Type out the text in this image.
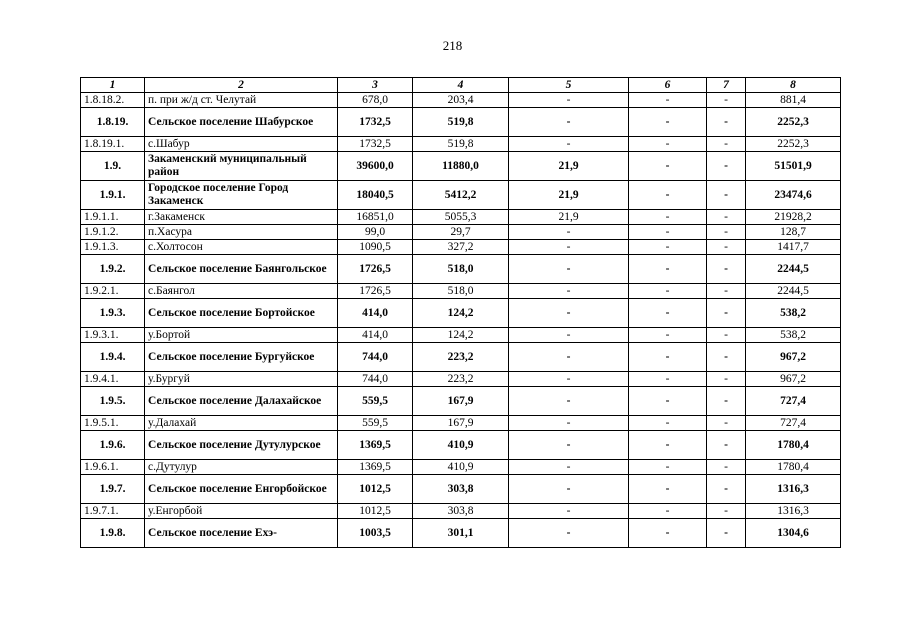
218
1	2	3	4	5	6	7	8
1.8.18.2.	п. при ж/д ст. Челутай	678,0	203,4	-	-	-	881,4
1.8.19.	Сельское поселение Шабурское	1732,5	519,8	-	-	-	2252,3
1.8.19.1.	с.Шабур	1732,5	519,8	-	-	-	2252,3
1.9.	Закаменский муниципальный район	39600,0	11880,0	21,9	-	-	51501,9
1.9.1.	Городское поселение Город Закаменск	18040,5	5412,2	21,9	-	-	23474,6
1.9.1.1.	г.Закаменск	16851,0	5055,3	21,9	-	-	21928,2
1.9.1.2.	п.Хасура	99,0	29,7	-	-	-	128,7
1.9.1.3.	с.Холтосон	1090,5	327,2	-	-	-	1417,7
1.9.2.	Сельское поселение Баянгольское	1726,5	518,0	-	-	-	2244,5
1.9.2.1.	с.Баянгол	1726,5	518,0	-	-	-	2244,5
1.9.3.	Сельское поселение Бортойское	414,0	124,2	-	-	-	538,2
1.9.3.1.	у.Бортой	414,0	124,2	-	-	-	538,2
1.9.4.	Сельское поселение Бургуйское	744,0	223,2	-	-	-	967,2
1.9.4.1.	у.Бургуй	744,0	223,2	-	-	-	967,2
1.9.5.	Сельское поселение Далахайское	559,5	167,9	-	-	-	727,4
1.9.5.1.	у.Далахай	559,5	167,9	-	-	-	727,4
1.9.6.	Сельское поселение Дутулурское	1369,5	410,9	-	-	-	1780,4
1.9.6.1.	с.Дутулур	1369,5	410,9	-	-	-	1780,4
1.9.7.	Сельское поселение Енгорбойское	1012,5	303,8	-	-	-	1316,3
1.9.7.1.	у.Енгорбой	1012,5	303,8	-	-	-	1316,3
1.9.8.	Сельское поселение Ехэ-	1003,5	301,1	-	-	-	1304,6
